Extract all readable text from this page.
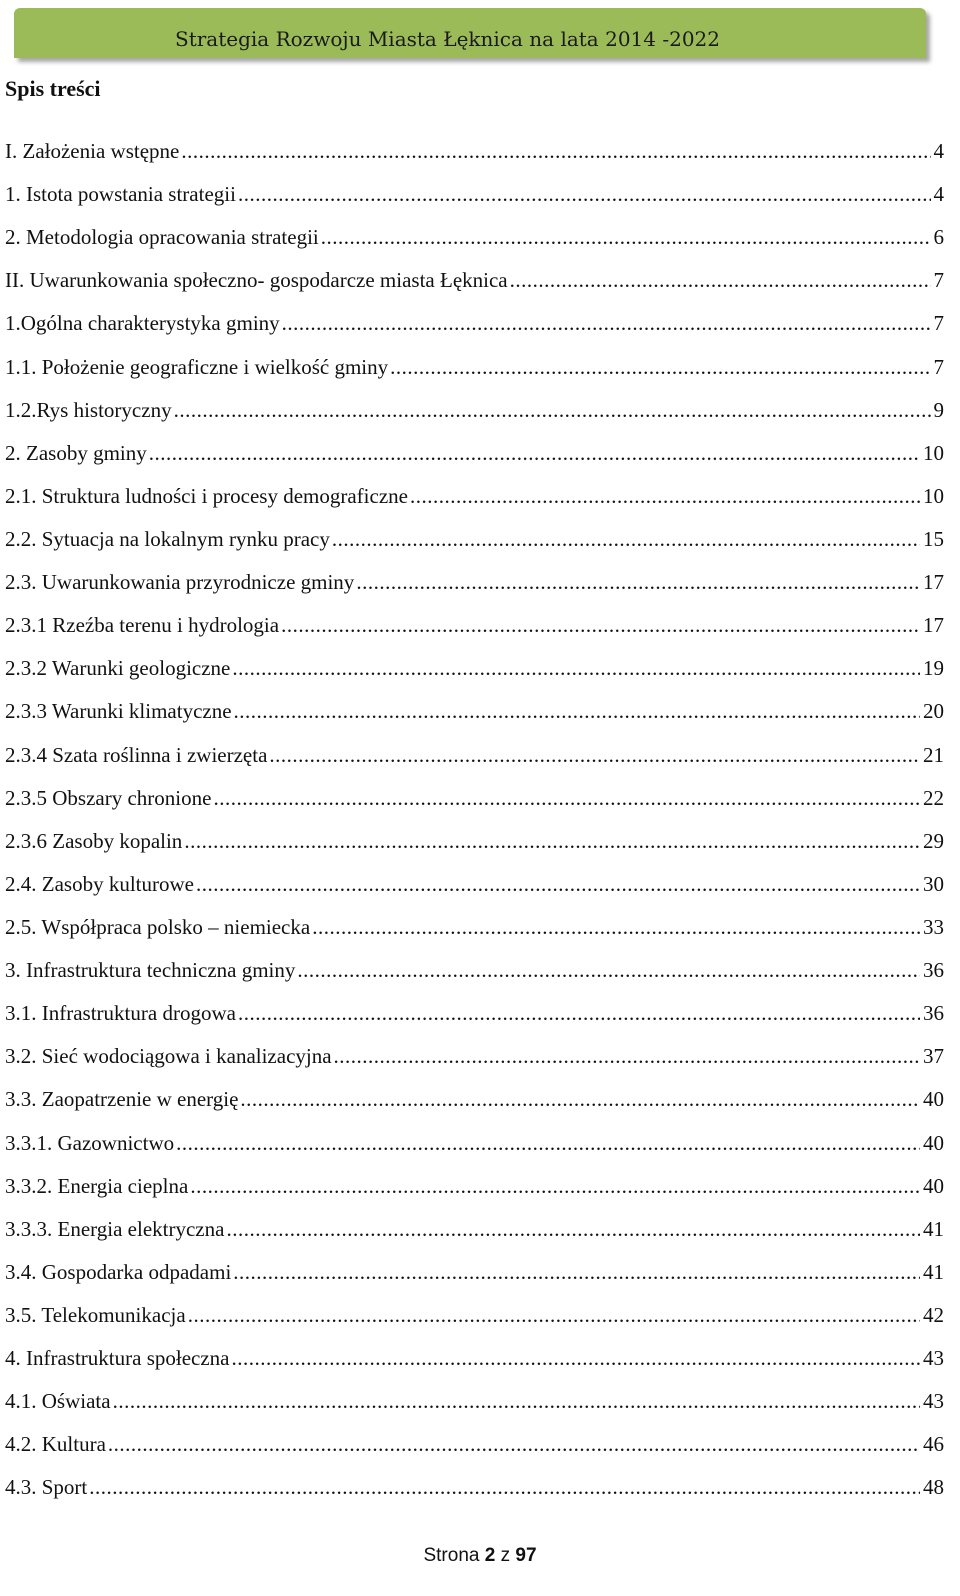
Strategia Rozwoju Miasta Łęknica na lata 2014 -2022
Spis treści
I. Założenia wstępne .....	4
1. Istota powstania strategii .....	4
2. Metodologia opracowania strategii .....	6
II. Uwarunkowania społeczno- gospodarcze miasta Łęknica .....	7
1.Ogólna charakterystyka gminy .....	7
1.1. Położenie geograficzne i wielkość gminy .....	7
1.2.Rys historyczny .....	9
2. Zasoby gminy .....	10
2.1. Struktura ludności i procesy demograficzne .....	10
2.2. Sytuacja na lokalnym rynku pracy .....	15
2.3. Uwarunkowania przyrodnicze gminy .....	17
2.3.1 Rzeźba terenu i hydrologia .....	17
2.3.2 Warunki geologiczne .....	19
2.3.3 Warunki klimatyczne .....	20
2.3.4 Szata roślinna i zwierzęta .....	21
2.3.5 Obszary chronione .....	22
2.3.6 Zasoby kopalin .....	29
2.4. Zasoby kulturowe .....	30
2.5. Współpraca polsko – niemiecka .....	33
3. Infrastruktura techniczna gminy .....	36
3.1. Infrastruktura drogowa .....	36
3.2. Sieć wodociągowa i kanalizacyjna .....	37
3.3. Zaopatrzenie w energię .....	40
3.3.1. Gazownictwo .....	40
3.3.2. Energia cieplna .....	40
3.3.3. Energia elektryczna .....	41
3.4. Gospodarka odpadami .....	41
3.5. Telekomunikacja .....	42
4. Infrastruktura społeczna .....	43
4.1. Oświata .....	43
4.2. Kultura .....	46
4.3. Sport .....	48
Strona 2 z 97
